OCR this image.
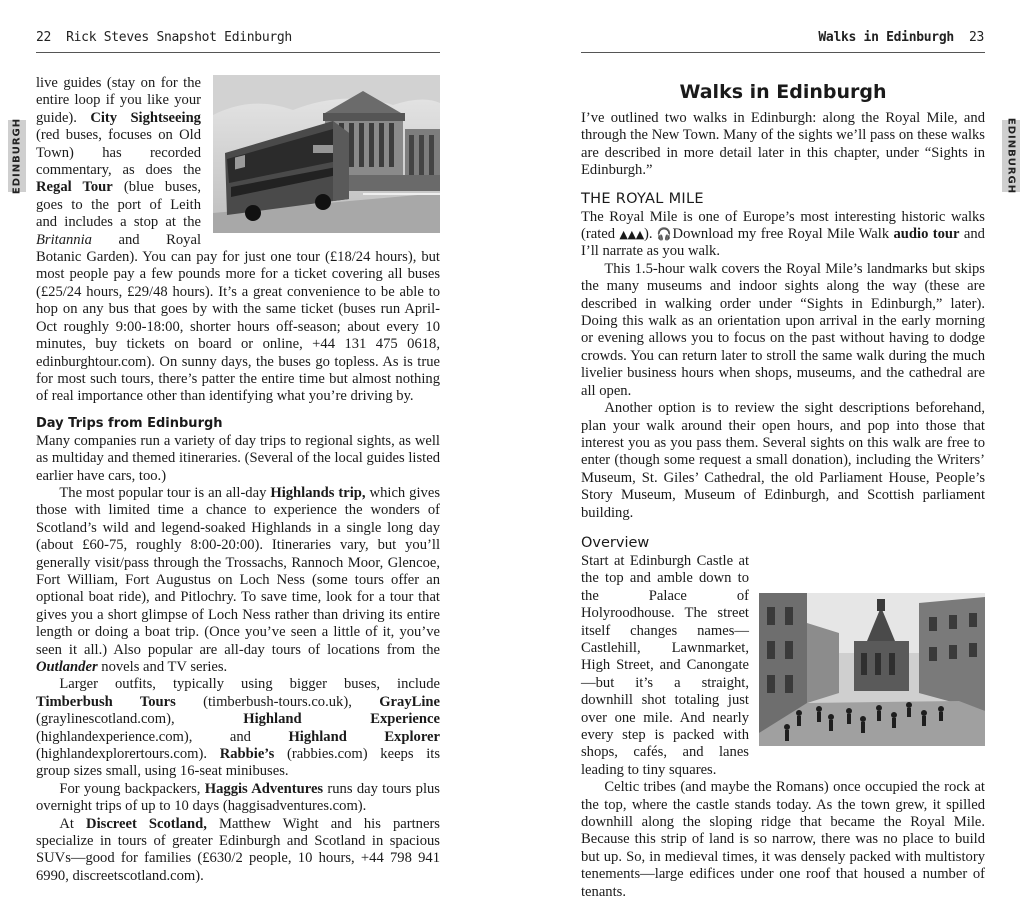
22 Rick Steves Snapshot Edinburgh
EDINBURGH

live guides (stay on for the entire loop if you like your guide). City Sightseeing (red buses, focuses on Old Town) has recorded commentary, as does the Regal Tour (blue buses, goes to the port of Leith and includes a stop at the Britannia and Royal Botanic Garden). You can pay for just one tour (£18/24 hours), but most people pay a few pounds more for a ticket covering all buses (£25/24 hours, £29/48 hours). It’s a great convenience to be able to hop on any bus that goes by with the same ticket (buses run April-Oct roughly 9:00-18:00, shorter hours off-season; about every 10 minutes, buy tickets on board or online, +44 131 475 0618, edinburghtour.com). On sunny days, the buses go topless. As is true for most such tours, there’s patter the entire time but almost nothing of real importance other than identifying what you’re driving by.

Day Trips from Edinburgh

Many companies run a variety of day trips to regional sights, as well as multiday and themed itineraries. (Several of the local guides listed earlier have cars, too.)

The most popular tour is an all-day Highlands trip, which gives those with limited time a chance to experience the wonders of Scotland’s wild and legend-soaked Highlands in a single long day (about £60-75, roughly 8:00-20:00). Itineraries vary, but you’ll generally visit/pass through the Trossachs, Rannoch Moor, Glencoe, Fort William, Fort Augustus on Loch Ness (some tours offer an optional boat ride), and Pitlochry. To save time, look for a tour that gives you a short glimpse of Loch Ness rather than driving its entire length or doing a boat trip. (Once you’ve seen a little of it, you’ve seen it all.) Also popular are all-day tours of locations from the Outlander novels and TV series.

Larger outfits, typically using bigger buses, include Timberbush Tours (timberbush-tours.co.uk), GrayLine (graylinescotland.com), Highland Experience (highlandexperience.com), and Highland Explorer (highlandexplorertours.com). Rabbie’s (rabbies.com) keeps its group sizes small, using 16-seat minibuses.

For young backpackers, Haggis Adventures runs day tours plus overnight trips of up to 10 days (haggisadventures.com).

At Discreet Scotland, Matthew Wight and his partners specialize in tours of greater Edinburgh and Scotland in spacious SUVs—good for families (£630/2 people, 10 hours, +44 798 941 6990, discreetscotland.com).

Walks in Edinburgh 23
EDINBURGH
Walks in Edinburgh

I’ve outlined two walks in Edinburgh: along the Royal Mile, and through the New Town. Many of the sights we’ll pass on these walks are described in more detail later in this chapter, under “Sights in Edinburgh.”

THE ROYAL MILE

The Royal Mile is one of Europe’s most interesting historic walks (rated ▲▲▲). 🎧Download my free Royal Mile Walk audio tour and I’ll narrate as you walk.

This 1.5-hour walk covers the Royal Mile’s landmarks but skips the many museums and indoor sights along the way (these are described in walking order under “Sights in Edinburgh,” later). Doing this walk as an orientation upon arrival in the early morning or evening allows you to focus on the past without having to dodge crowds. You can return later to stroll the same walk during the much livelier business hours when shops, museums, and the cathedral are all open.

Another option is to review the sight descriptions beforehand, plan your walk around their open hours, and pop into those that interest you as you pass them. Several sights on this walk are free to enter (though some request a small donation), including the Writers’ Museum, St. Giles’ Cathedral, the old Parliament House, People’s Story Museum, Museum of Edinburgh, and Scottish parliament building.

Overview

Start at Edinburgh Castle at the top and amble down to the Palace of Holyroodhouse. The street itself changes names—Castlehill, Lawnmarket, High Street, and Canongate—but it’s a straight, downhill shot totaling just over one mile. And nearly every step is packed with shops, cafés, and lanes leading to tiny squares.

Celtic tribes (and maybe the Romans) once occupied the rock at the top, where the castle stands today. As the town grew, it spilled downhill along the sloping ridge that became the Royal Mile. Because this strip of land is so narrow, there was no place to build but up. So, in medieval times, it was densely packed with multistory tenements—large edifices under one roof that housed a number of tenants.
